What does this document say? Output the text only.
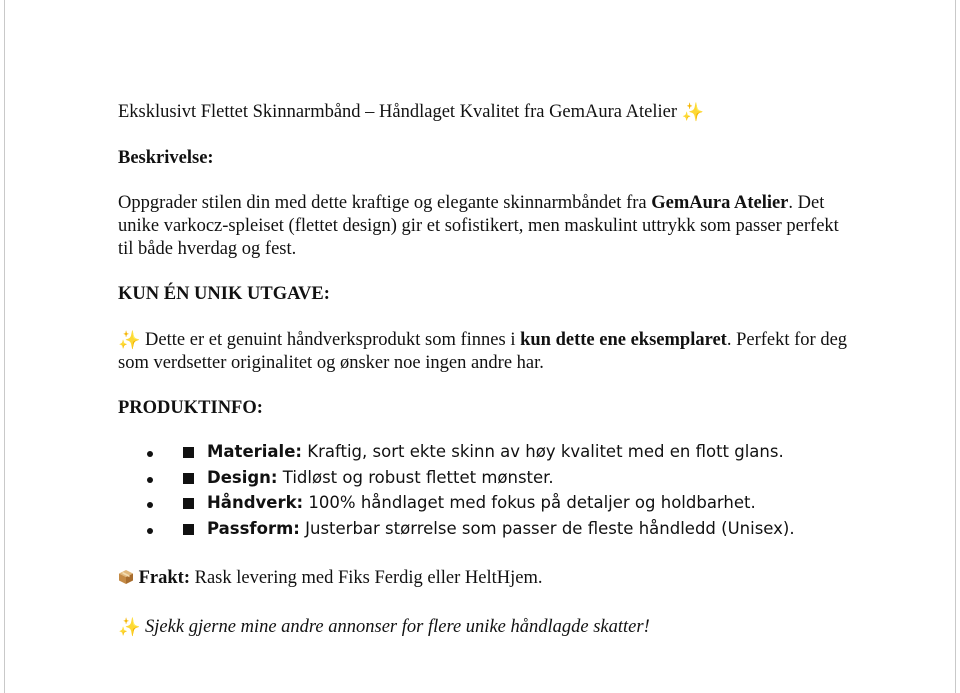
Eksklusivt Flettet Skinnarmbånd – Håndlaget Kvalitet fra GemAura Atelier ✨

Beskrivelse:

Oppgrader stilen din med dette kraftige og elegante skinnarmbåndet fra GemAura Atelier. Det unike varkocz-spleiset (flettet design) gir et sofistikert, men maskulint uttrykk som passer perfekt til både hverdag og fest.

KUN ÉN UNIK UTGAVE:

✨ Dette er et genuint håndverksprodukt som finnes i kun dette ene eksemplaret. Perfekt for deg som verdsetter originalitet og ønsker noe ingen andre har.

PRODUKTINFO:

Materiale: Kraftig, sort ekte skinn av høy kvalitet med en flott glans.
Design: Tidløst og robust flettet mønster.
Håndverk: 100% håndlaget med fokus på detaljer og holdbarhet.
Passform: Justerbar størrelse som passer de fleste håndledd (Unisex).

Frakt: Rask levering med Fiks Ferdig eller HeltHjem.

✨ Sjekk gjerne mine andre annonser for flere unike håndlagde skatter!
